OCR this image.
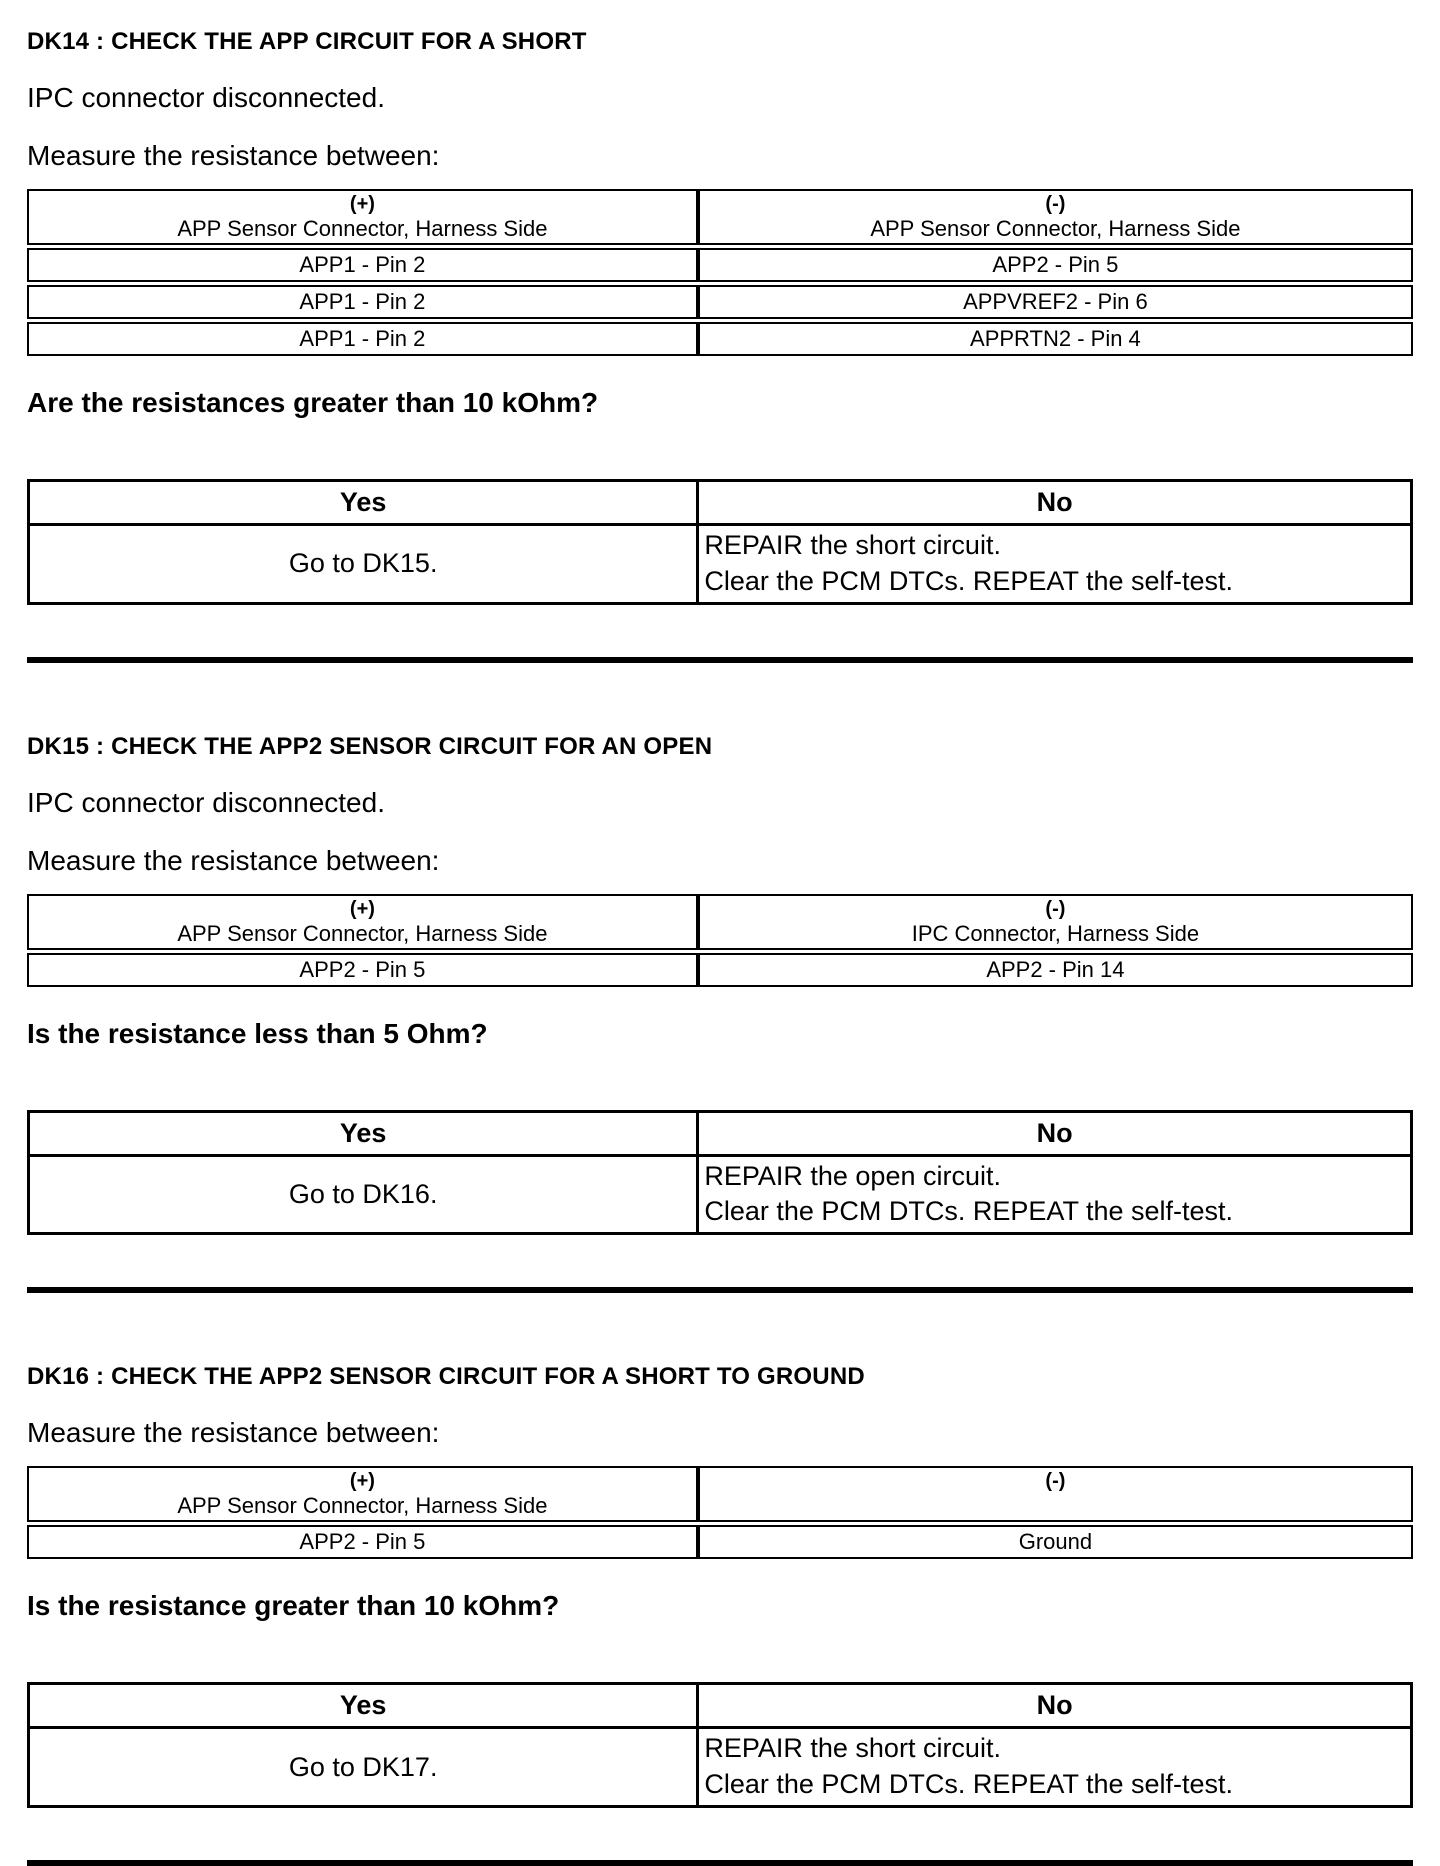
DK14 : CHECK THE APP CIRCUIT FOR A SHORT
IPC connector disconnected.
Measure the resistance between:
(+)
APP Sensor Connector, Harness Side

(-)
APP Sensor Connector, Harness Side

APP1 - Pin 2	APP2 - Pin 5
APP1 - Pin 2	APPVREF2 - Pin 6
APP1 - Pin 2	APPRTN2 - Pin 4
Are the resistances greater than 10 kOhm?
Yes	No
Go to DK15.	REPAIR the short circuit.
Clear the PCM DTCs. REPEAT the self-test.
DK15 : CHECK THE APP2 SENSOR CIRCUIT FOR AN OPEN
IPC connector disconnected.
Measure the resistance between:
(+)
APP Sensor Connector, Harness Side

(-)
IPC Connector, Harness Side

APP2 - Pin 5	APP2 - Pin 14
Is the resistance less than 5 Ohm?
Yes	No
Go to DK16.	REPAIR the open circuit.
Clear the PCM DTCs. REPEAT the self-test.
DK16 : CHECK THE APP2 SENSOR CIRCUIT FOR A SHORT TO GROUND
Measure the resistance between:
(+)
APP Sensor Connector, Harness Side	(-)

APP2 - Pin 5	Ground
Is the resistance greater than 10 kOhm?
Yes	No
Go to DK17.	REPAIR the short circuit.
Clear the PCM DTCs. REPEAT the self-test.
